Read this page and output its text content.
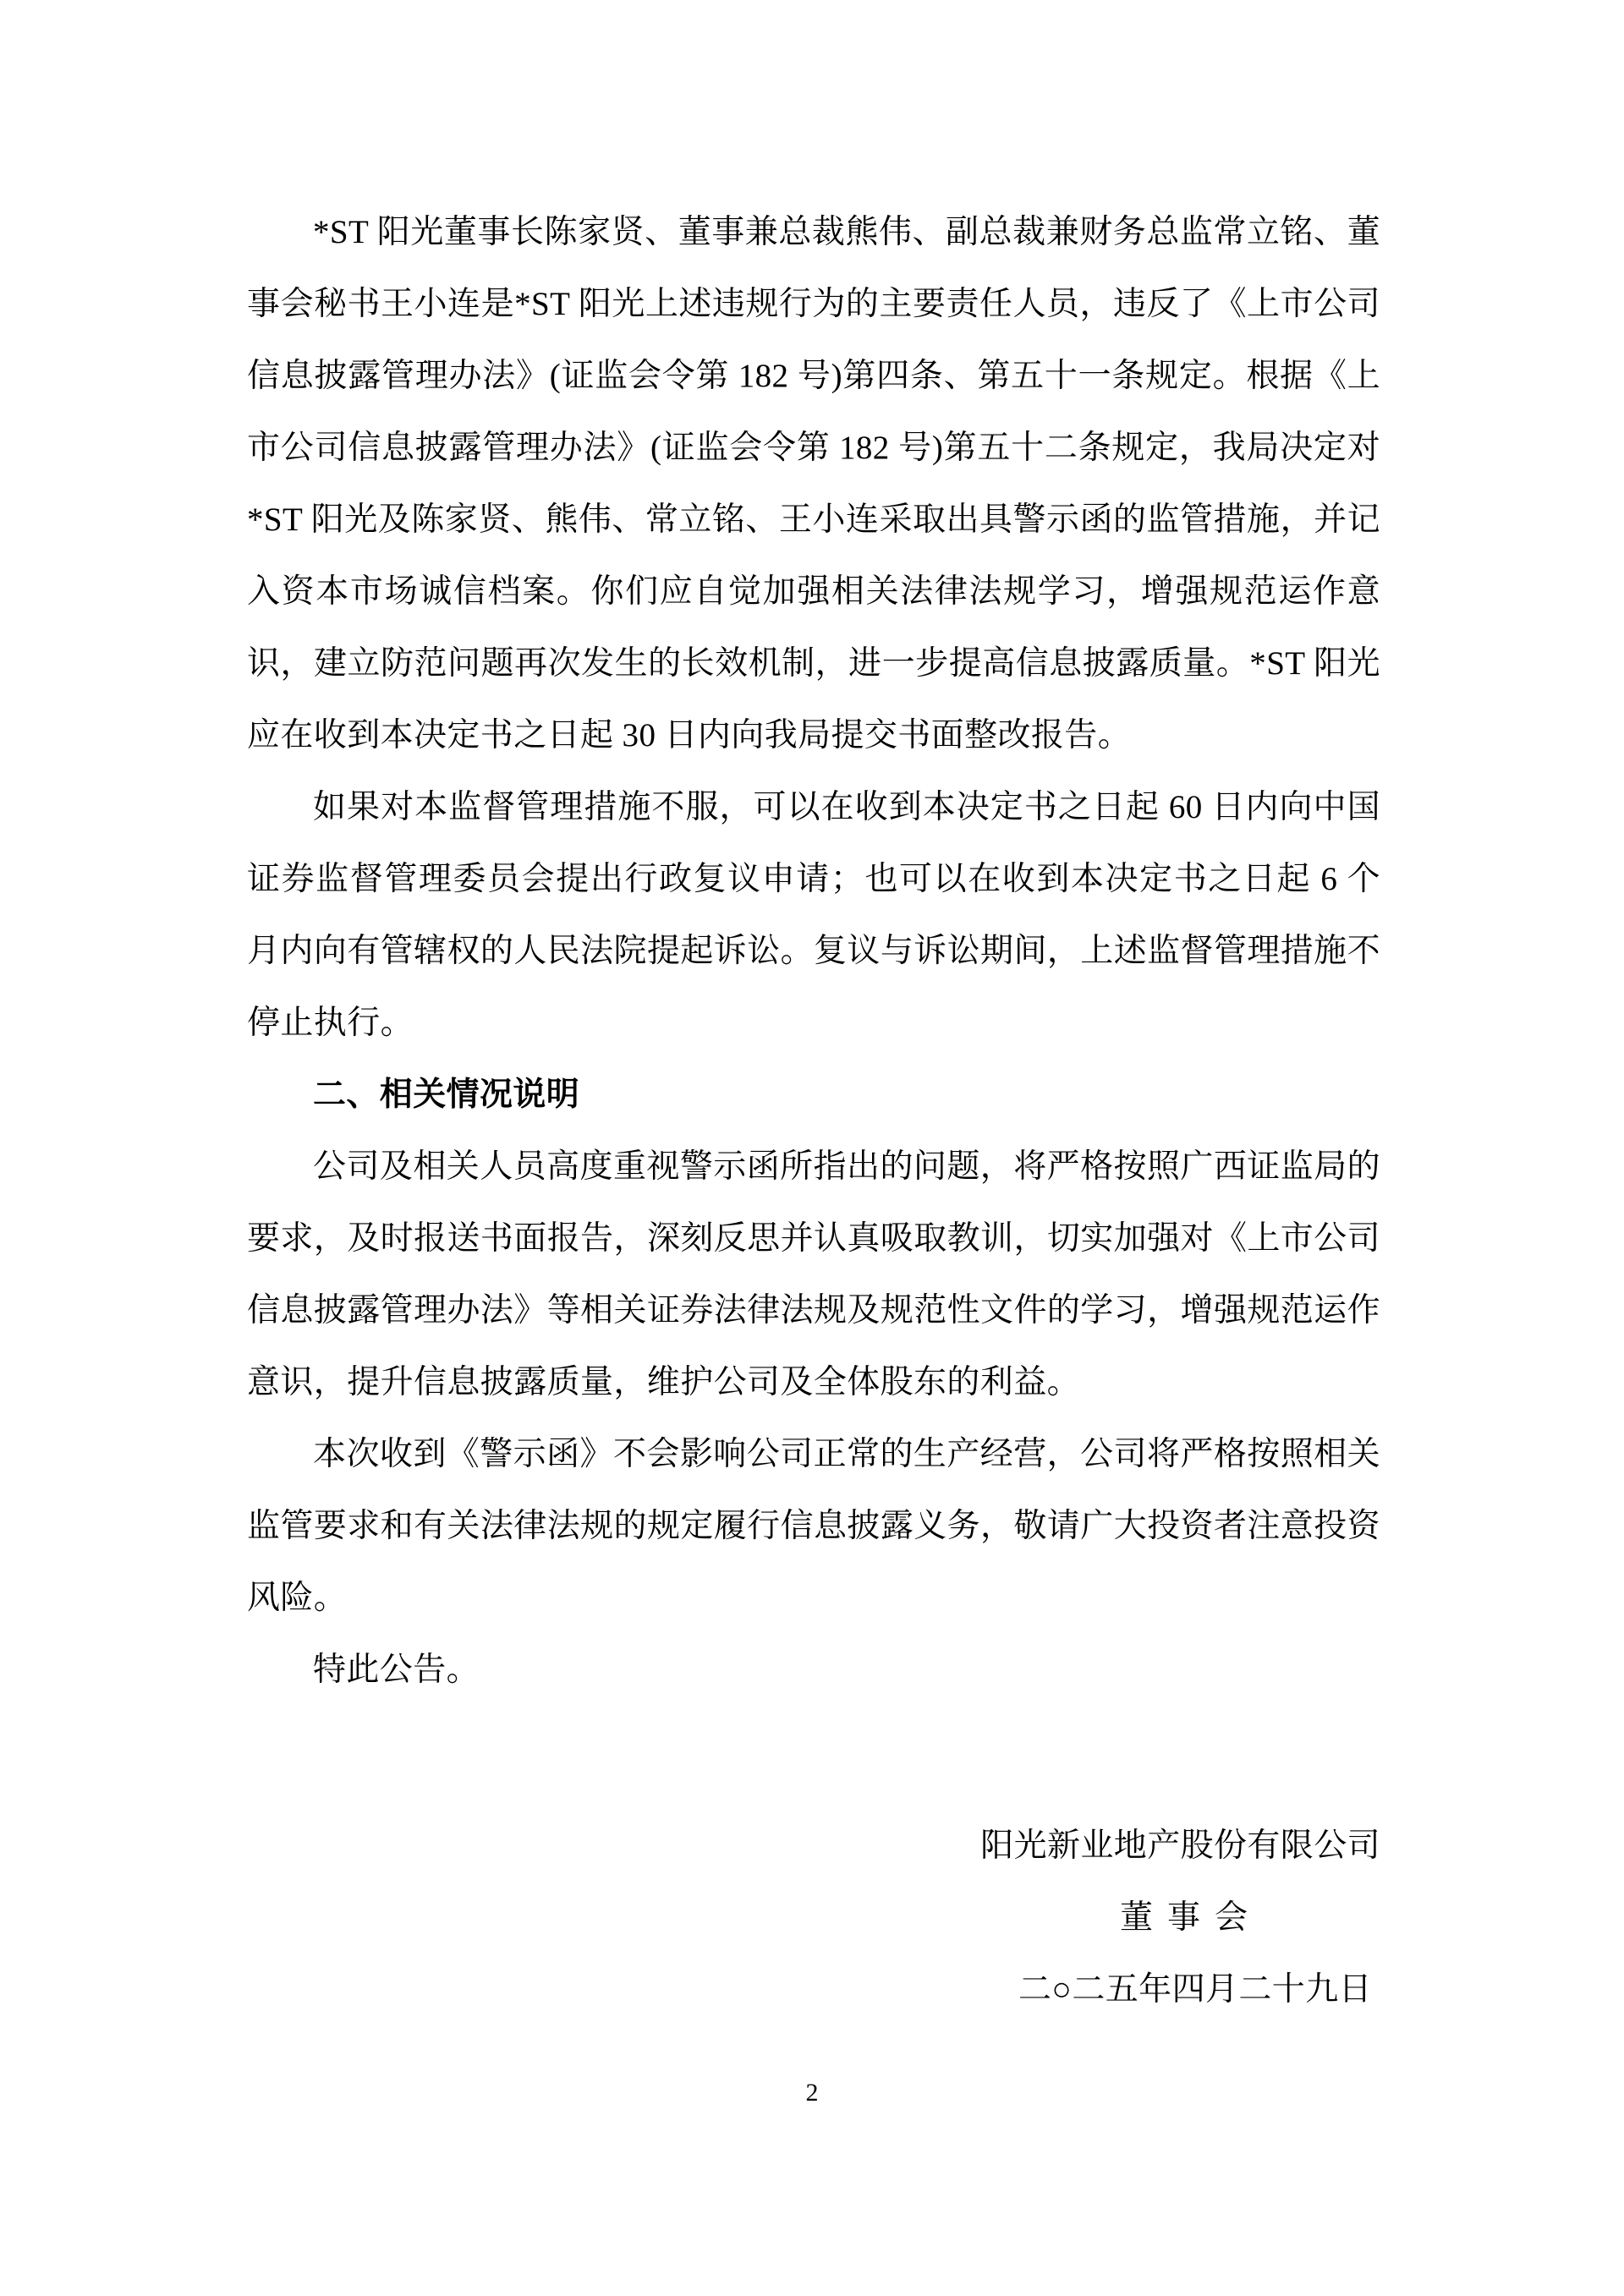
*ST 阳光董事长陈家贤、董事兼总裁熊伟、副总裁兼财务总监常立铭、董事会秘书王小连是*ST 阳光上述违规行为的主要责任人员，违反了《上市公司信息披露管理办法》(证监会令第 182 号)第四条、第五十一条规定。根据《上市公司信息披露管理办法》(证监会令第 182 号)第五十二条规定，我局决定对*ST 阳光及陈家贤、熊伟、常立铭、王小连采取出具警示函的监管措施，并记入资本市场诚信档案。你们应自觉加强相关法律法规学习，增强规范运作意识，建立防范问题再次发生的长效机制，进一步提高信息披露质量。*ST 阳光应在收到本决定书之日起 30 日内向我局提交书面整改报告。

如果对本监督管理措施不服，可以在收到本决定书之日起 60 日内向中国证券监督管理委员会提出行政复议申请；也可以在收到本决定书之日起 6 个月内向有管辖权的人民法院提起诉讼。复议与诉讼期间，上述监督管理措施不停止执行。

二、相关情况说明

公司及相关人员高度重视警示函所指出的问题，将严格按照广西证监局的要求，及时报送书面报告，深刻反思并认真吸取教训，切实加强对《上市公司信息披露管理办法》等相关证券法律法规及规范性文件的学习，增强规范运作意识，提升信息披露质量，维护公司及全体股东的利益。

本次收到《警示函》不会影响公司正常的生产经营，公司将严格按照相关监管要求和有关法律法规的规定履行信息披露义务，敬请广大投资者注意投资风险。

特此公告。

阳光新业地产股份有限公司

董事会

二○二五年四月二十九日

2
